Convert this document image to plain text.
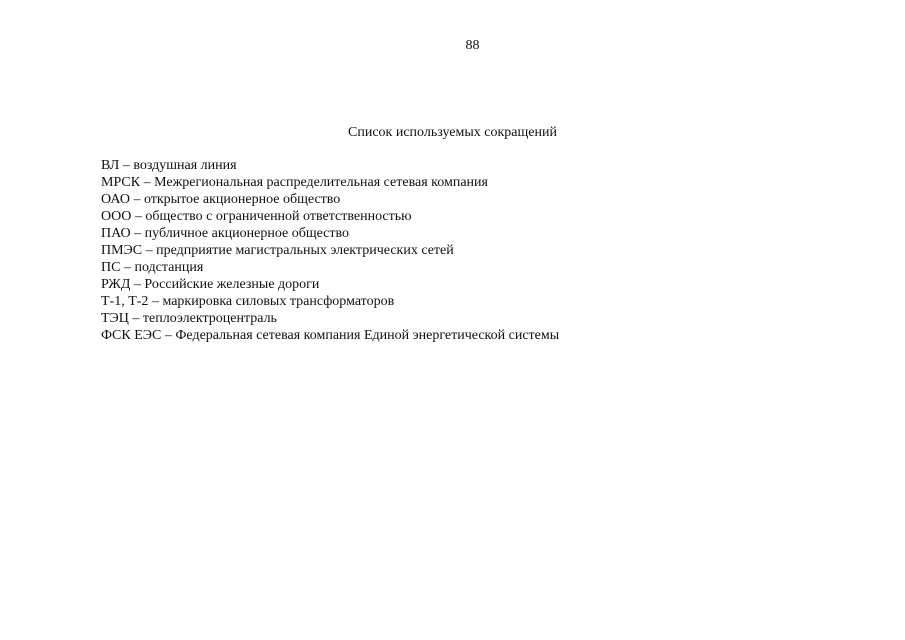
88
Список используемых сокращений
ВЛ – воздушная линия
МРСК – Межрегиональная распределительная сетевая компания
ОАО – открытое акционерное общество
ООО – общество с ограниченной ответственностью
ПАО – публичное акционерное общество
ПМЭС – предприятие магистральных электрических сетей
ПС – подстанция
РЖД – Российские железные дороги
Т-1, Т-2 – маркировка силовых трансформаторов
ТЭЦ – теплоэлектроцентраль
ФСК ЕЭС – Федеральная сетевая компания Единой энергетической системы
